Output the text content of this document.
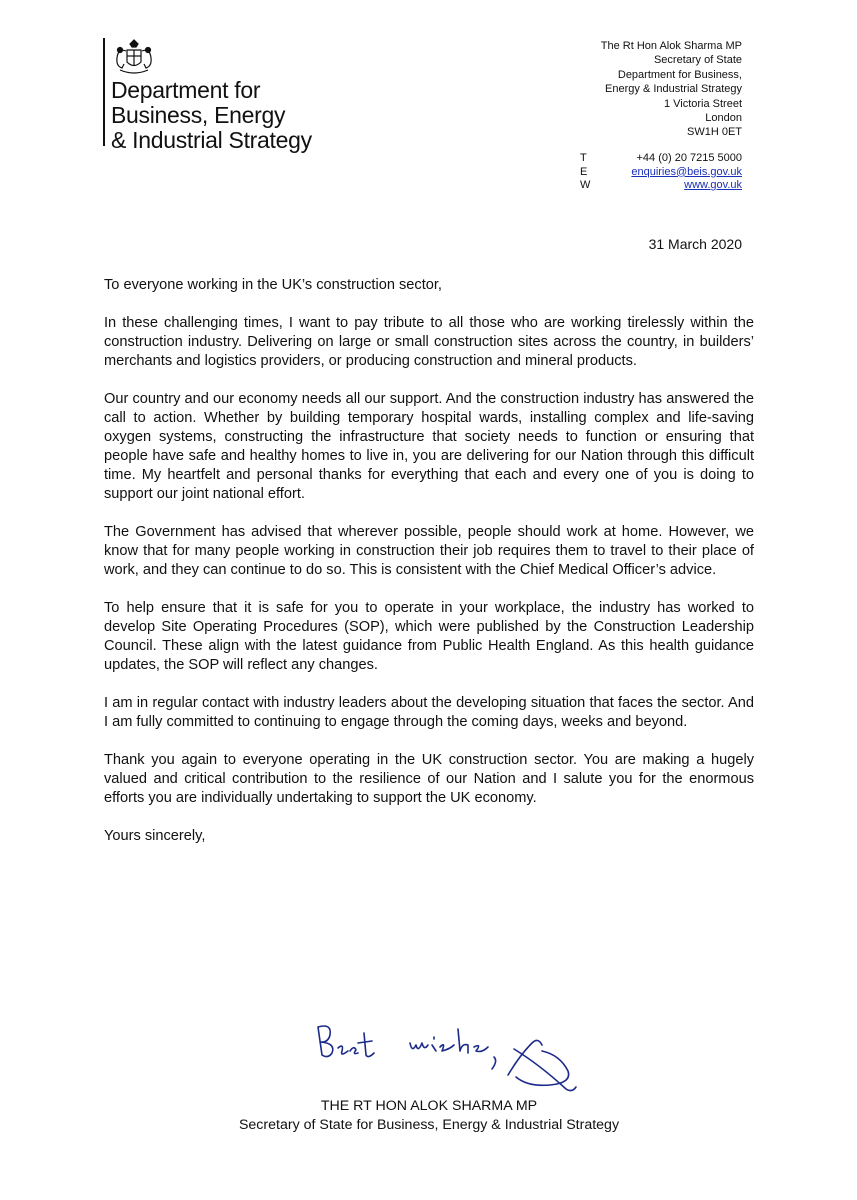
Department for
Business, Energy
& Industrial Strategy
The Rt Hon Alok Sharma MP
Secretary of State
Department for Business,
Energy & Industrial Strategy
1 Victoria Street
London
SW1H 0ET
T	+44 (0) 20 7215 5000
E	enquiries@beis.gov.uk
W	www.gov.uk
31 March 2020

To everyone working in the UK’s construction sector,

In these challenging times, I want to pay tribute to all those who are working tirelessly within the construction industry. Delivering on large or small construction sites across the country, in builders’ merchants and logistics providers, or producing construction and mineral products.

Our country and our economy needs all our support. And the construction industry has answered the call to action. Whether by building temporary hospital wards, installing complex and life-saving oxygen systems, constructing the infrastructure that society needs to function or ensuring that people have safe and healthy homes to live in, you are delivering for our Nation through this difficult time. My heartfelt and personal thanks for everything that each and every one of you is doing to support our joint national effort.

The Government has advised that wherever possible, people should work at home. However, we know that for many people working in construction their job requires them to travel to their place of work, and they can continue to do so. This is consistent with the Chief Medical Officer’s advice.

To help ensure that it is safe for you to operate in your workplace, the industry has worked to develop Site Operating Procedures (SOP), which were published by the Construction Leadership Council. These align with the latest guidance from Public Health England. As this health guidance updates, the SOP will reflect any changes.

I am in regular contact with industry leaders about the developing situation that faces the sector. And I am fully committed to continuing to engage through the coming days, weeks and beyond.

Thank you again to everyone operating in the UK construction sector. You are making a hugely valued and critical contribution to the resilience of our Nation and I salute you for the enormous efforts you are individually undertaking to support the UK economy.

Yours sincerely,

THE RT HON ALOK SHARMA MP
Secretary of State for Business, Energy & Industrial Strategy
